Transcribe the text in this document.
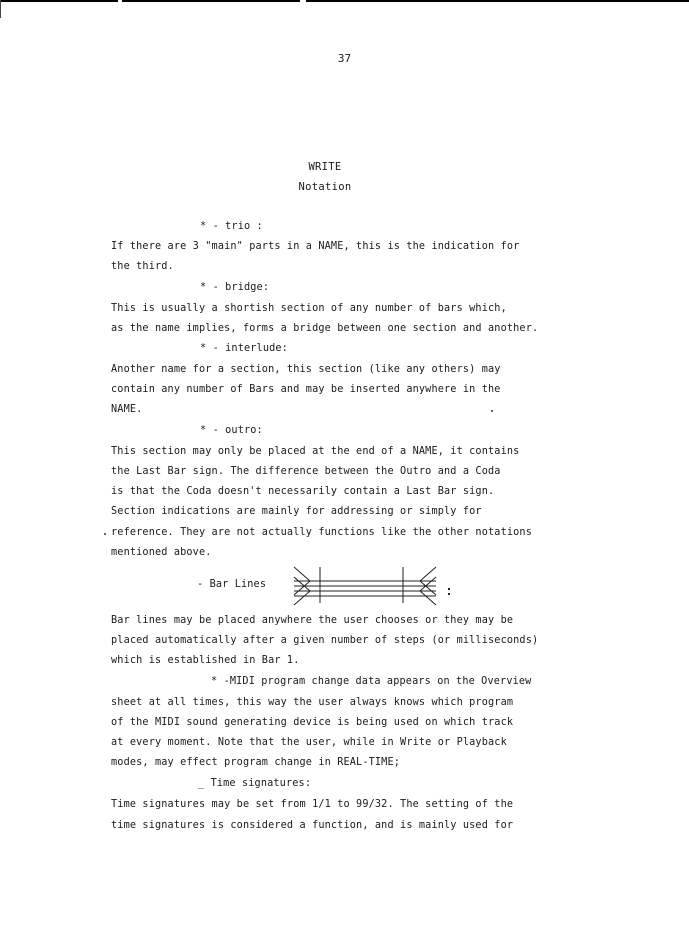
37
WRITE
Notation
* - trio :
If there are 3 "main" parts in a NAME, this is the indication for
the third.
* - bridge:
This is usually a shortish section of any number of bars which,
as the name implies, forms a bridge between one section and another.
* - interlude:
Another name for a section, this section (like any others) may
contain any number of Bars and may be inserted anywhere in the
NAME.
* - outro:
This section may only be placed at the end of a NAME, it contains
the Last Bar sign. The difference between the Outro and a Coda
is that the Coda doesn't necessarily contain a Last Bar sign.
Section indications are mainly for addressing or simply for
reference. They are not actually functions like the other notations
mentioned above.
- Bar Lines
Bar lines may be placed anywhere the user chooses or they may be
placed automatically after a given number of steps (or milliseconds)
which is established in Bar 1.
* -MIDI program change data appears on the Overview
sheet at all times, this way the user always knows which program
of the MIDI sound generating device is being used on which track
at every moment. Note that the user, while in Write or Playback
modes, may effect program change in REAL-TIME;
_ Time signatures:
Time signatures may be set from 1/1 to 99/32. The setting of the
time signatures is considered a function, and is mainly used for
